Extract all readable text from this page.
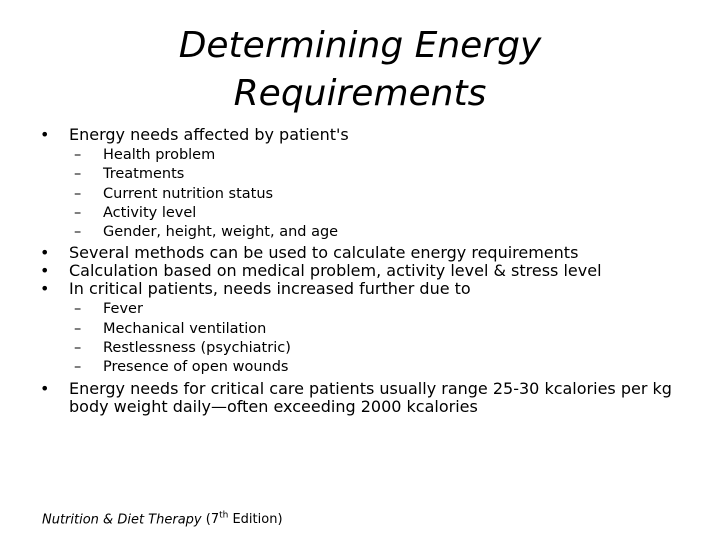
Determining Energy
Requirements
• Energy needs affected by patient's
– Health problem
– Treatments
– Current nutrition status
– Activity level
– Gender, height, weight, and age
• Several methods can be used to calculate energy requirements
• Calculation based on medical problem, activity level & stress level
• In critical patients, needs increased further due to
– Fever
– Mechanical ventilation
– Restlessness (psychiatric)
– Presence of open wounds
• Energy needs for critical care patients usually range 25-30 kcalories per kg body weight daily—often exceeding 2000 kcalories
Nutrition & Diet Therapy (7th Edition)
